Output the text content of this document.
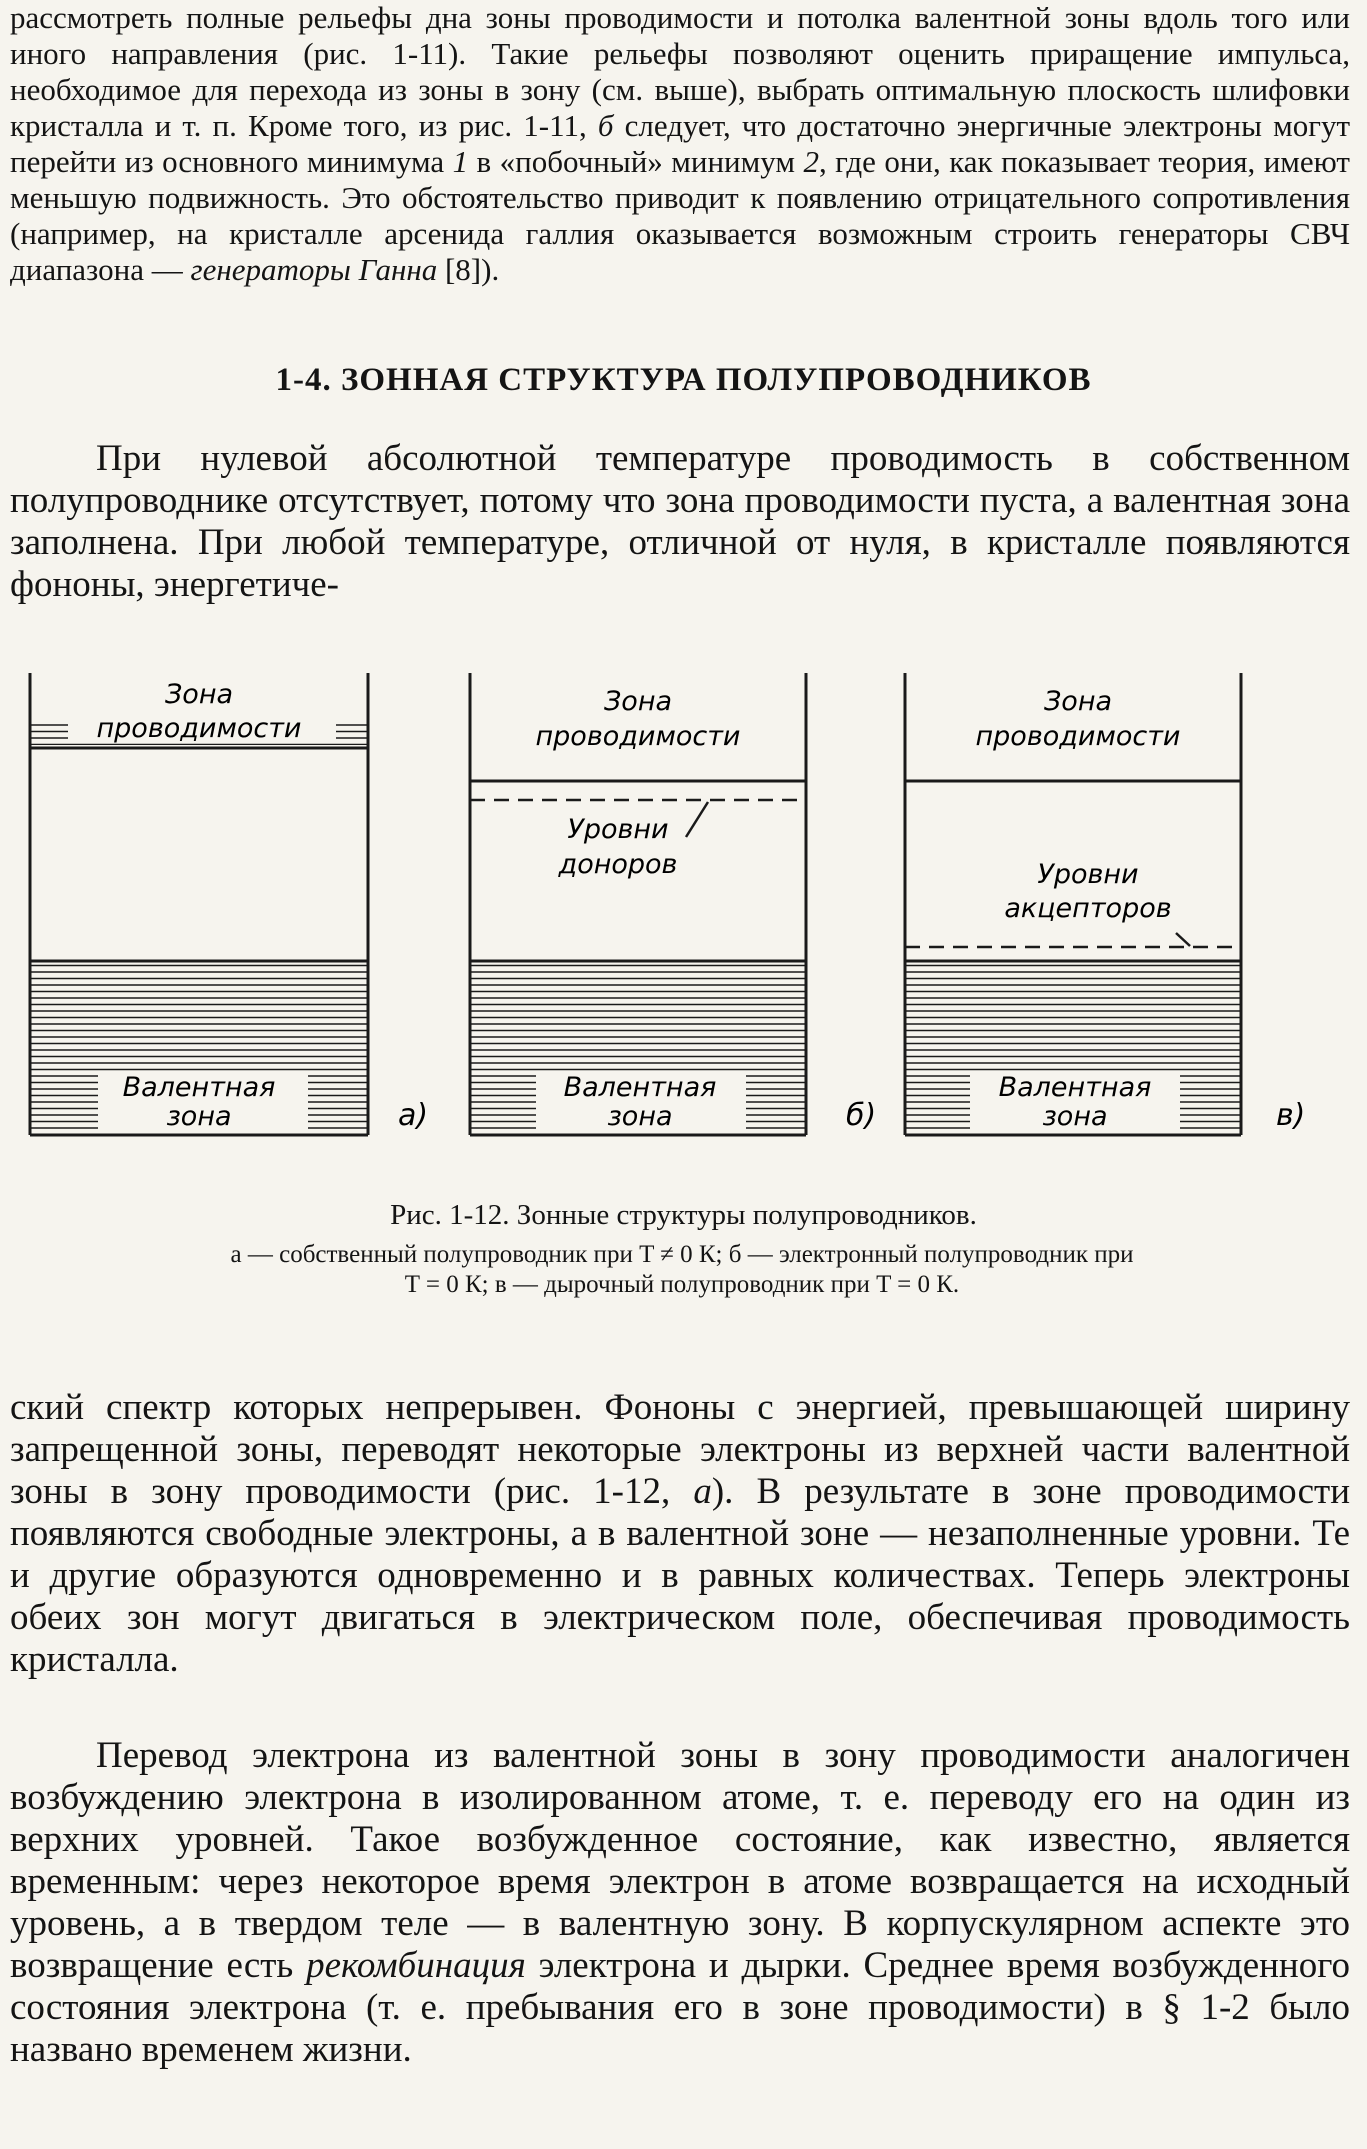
рассмотреть полные рельефы дна зоны проводимости и потолка валентной зоны вдоль того или иного направления (рис. 1-11). Такие рельефы позволяют оценить приращение импульса, необходимое для перехода из зоны в зону (см. выше), выбрать оптимальную плоскость шлифовки кристалла и т. п. Кроме того, из рис. 1-11, б следует, что достаточно энергичные электроны могут перейти из основного минимума 1 в «побочный» минимум 2, где они, как показывает теория, имеют меньшую подвижность. Это обстоятельство приводит к появлению отрицательного сопротивления (например, на кристалле арсенида галлия оказывается возможным строить генераторы СВЧ диапазона — генераторы Ганна [8]).

1-4. ЗОННАЯ СТРУКТУРА ПОЛУПРОВОДНИКОВ

При нулевой абсолютной температуре проводимость в собственном полупроводнике отсутствует, потому что зона проводимости пуста, а валентная зона заполнена. При любой температуре, отличной от нуля, в кристалле появляются фононы, энергетиче-

Зона
проводимости
Валентная
зона	а)
Зона
проводимости
Уровни
доноров
Валентная
зона	б)
Зона
проводимости
Уровни
акцепторов
Валентная
зона	в)
Рис. 1-12. Зонные структуры полупроводников.
а — собственный полупроводник при T ≠ 0 К; б — электронный полупроводник при
T = 0 К; в — дырочный полупроводник при T = 0 К.

ский спектр которых непрерывен. Фононы с энергией, превышающей ширину запрещенной зоны, переводят некоторые электроны из верхней части валентной зоны в зону проводимости (рис. 1-12, а). В результате в зоне проводимости появляются свободные электроны, а в валентной зоне — незаполненные уровни. Те и другие образуются одновременно и в равных количествах. Теперь электроны обеих зон могут двигаться в электрическом поле, обеспечивая проводимость кристалла.

Перевод электрона из валентной зоны в зону проводимости аналогичен возбуждению электрона в изолированном атоме, т. е. переводу его на один из верхних уровней. Такое возбужденное состояние, как известно, является временным: через некоторое время электрон в атоме возвращается на исходный уровень, а в твердом теле — в валентную зону. В корпускулярном аспекте это возвращение есть рекомбинация электрона и дырки. Среднее время возбужденного состояния электрона (т. е. пребывания его в зоне проводимости) в § 1-2 было названо временем жизни.
